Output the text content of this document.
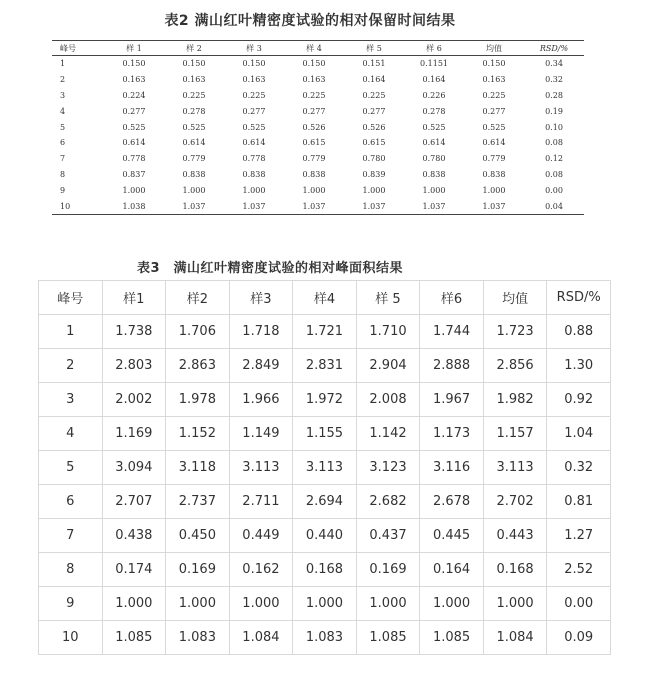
表2 满山红叶精密度试验的相对保留时间结果
峰号	样 1	样 2	样 3	样 4	样 5	样 6	均值	RSD/%
1	0.150	0.150	0.150	0.150	0.151	0.1151	0.150	0.34
2	0.163	0.163	0.163	0.163	0.164	0.164	0.163	0.32
3	0.224	0.225	0.225	0.225	0.225	0.226	0.225	0.28
4	0.277	0.278	0.277	0.277	0.277	0.278	0.277	0.19
5	0.525	0.525	0.525	0.526	0.526	0.525	0.525	0.10
6	0.614	0.614	0.614	0.615	0.615	0.614	0.614	0.08
7	0.778	0.779	0.778	0.779	0.780	0.780	0.779	0.12
8	0.837	0.838	0.838	0.838	0.839	0.838	0.838	0.08
9	1.000	1.000	1.000	1.000	1.000	1.000	1.000	0.00
10	1.038	1.037	1.037	1.037	1.037	1.037	1.037	0.04
表3　满山红叶精密度试验的相对峰面积结果
峰号	样1	样2	样3	样4	样 5	样6	均值	RSD/%
1	1.738	1.706	1.718	1.721	1.710	1.744	1.723	0.88
2	2.803	2.863	2.849	2.831	2.904	2.888	2.856	1.30
3	2.002	1.978	1.966	1.972	2.008	1.967	1.982	0.92
4	1.169	1.152	1.149	1.155	1.142	1.173	1.157	1.04
5	3.094	3.118	3.113	3.113	3.123	3.116	3.113	0.32
6	2.707	2.737	2.711	2.694	2.682	2.678	2.702	0.81
7	0.438	0.450	0.449	0.440	0.437	0.445	0.443	1.27
8	0.174	0.169	0.162	0.168	0.169	0.164	0.168	2.52
9	1.000	1.000	1.000	1.000	1.000	1.000	1.000	0.00
10	1.085	1.083	1.084	1.083	1.085	1.085	1.084	0.09
